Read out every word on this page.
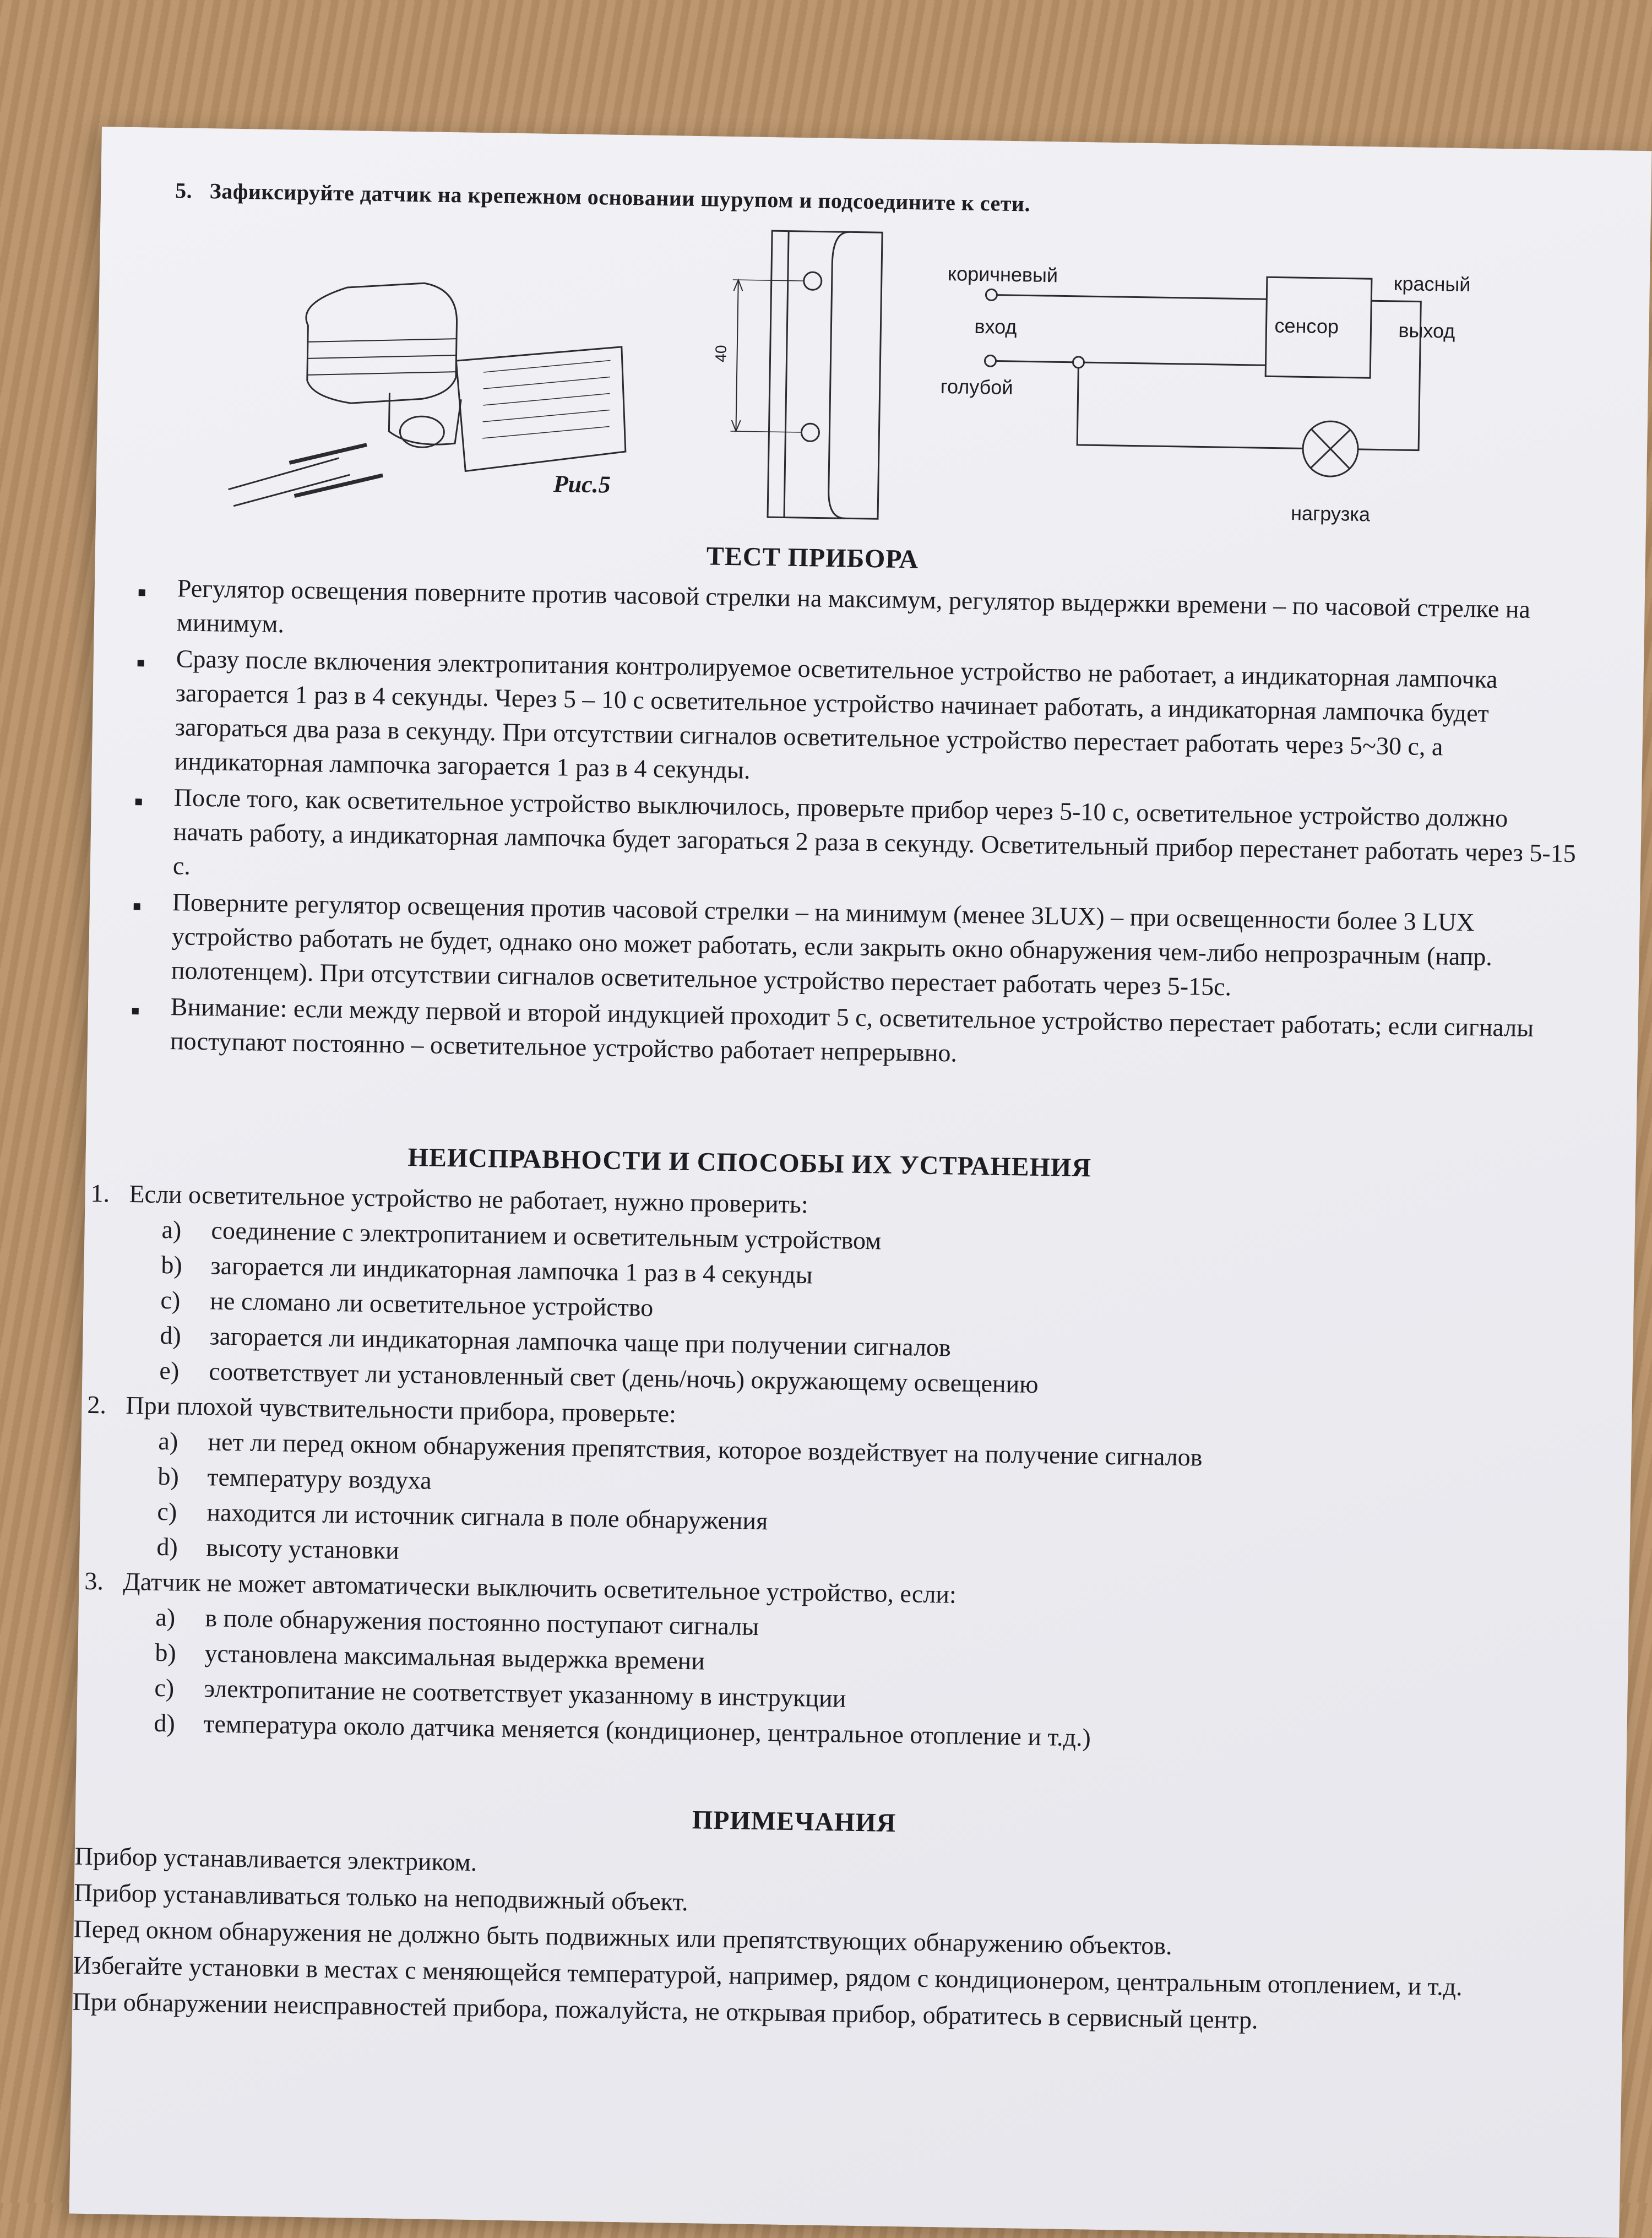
5. Зафиксируйте датчик на крепежном основании шурупом и подсоедините к сети.
Рис.5
40
коричневый
вход
голубой
сенсор
красный
выход
нагрузка
ТЕСТ ПРИБОРА
Регулятор освещения поверните против часовой стрелки на максимум, регулятор выдержки времени – по часовой стрелке на минимум.
Сразу после включения электропитания контролируемое осветительное устройство не работает, а индикаторная лампочка загорается 1 раз в 4 секунды. Через 5 – 10 с осветительное устройство начинает работать, а индикаторная лампочка будет загораться два раза в секунду. При отсутствии сигналов осветительное устройство перестает работать через 5~30 с, а индикаторная лампочка загорается 1 раз в 4 секунды.
После того, как осветительное устройство выключилось, проверьте прибор через 5-10 с, осветительное устройство должно начать работу, а индикаторная лампочка будет загораться 2 раза в секунду. Осветительный прибор перестанет работать через 5-15 с.
Поверните регулятор освещения против часовой стрелки – на минимум (менее 3LUX) – при освещенности более 3 LUX устройство работать не будет, однако оно может работать, если закрыть окно обнаружения чем-либо непрозрачным (напр. полотенцем). При отсутствии сигналов осветительное устройство перестает работать через 5-15с.
Внимание: если между первой и второй индукцией проходит 5 с, осветительное устройство перестает работать; если сигналы поступают постоянно – осветительное устройство работает непрерывно.
НЕИСПРАВНОСТИ И СПОСОБЫ ИХ УСТРАНЕНИЯ
1. Если осветительное устройство не работает, нужно проверить:
a) соединение с электропитанием и осветительным устройством
b) загорается ли индикаторная лампочка 1 раз в 4 секунды
c) не сломано ли осветительное устройство
d) загорается ли индикаторная лампочка чаще при получении сигналов
e) соответствует ли установленный свет (день/ночь) окружающему освещению
2. При плохой чувствительности прибора, проверьте:
a) нет ли перед окном обнаружения препятствия, которое воздействует на получение сигналов
b) температуру воздуха
c) находится ли источник сигнала в поле обнаружения
d) высоту установки
3. Датчик не может автоматически выключить осветительное устройство, если:
a) в поле обнаружения постоянно поступают сигналы
b) установлена максимальная выдержка времени
c) электропитание не соответствует указанному в инструкции
d) температура около датчика меняется (кондиционер, центральное отопление и т.д.)
ПРИМЕЧАНИЯ
Прибор устанавливается электриком.
Прибор устанавливаться только на неподвижный объект.
Перед окном обнаружения не должно быть подвижных или препятствующих обнаружению объектов.
Избегайте установки в местах с меняющейся температурой, например, рядом с кондиционером, центральным отоплением, и т.д.
При обнаружении неисправностей прибора, пожалуйста, не открывая прибор, обратитесь в сервисный центр.
